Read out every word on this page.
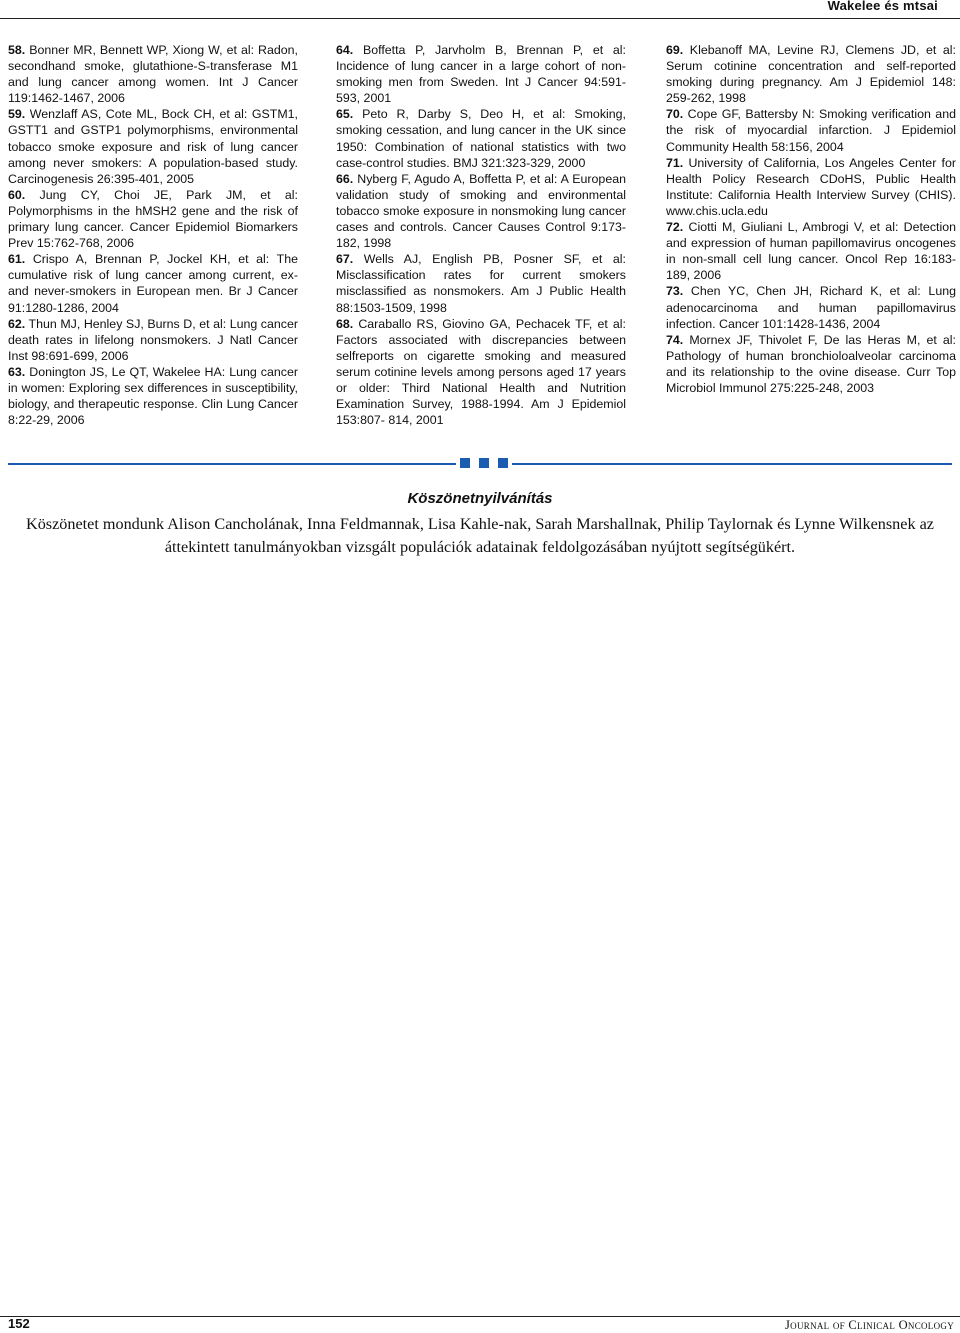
Wakelee és mtsai

58. Bonner MR, Bennett WP, Xiong W, et al: Radon, secondhand smoke, glutathione-S-transferase M1 and lung cancer among women. Int J Cancer 119:1462-1467, 2006

59. Wenzlaff AS, Cote ML, Bock CH, et al: GSTM1, GSTT1 and GSTP1 polymorphisms, environmental tobacco smoke exposure and risk of lung cancer among never smokers: A population-based study. Carcinogenesis 26:395-401, 2005

60. Jung CY, Choi JE, Park JM, et al: Polymorphisms in the hMSH2 gene and the risk of primary lung cancer. Cancer Epidemiol Biomarkers Prev 15:762-768, 2006

61. Crispo A, Brennan P, Jockel KH, et al: The cumulative risk of lung cancer among current, ex- and never-smokers in European men. Br J Cancer 91:1280-1286, 2004

62. Thun MJ, Henley SJ, Burns D, et al: Lung cancer death rates in lifelong nonsmokers. J Natl Cancer Inst 98:691-699, 2006

63. Donington JS, Le QT, Wakelee HA: Lung cancer in women: Exploring sex differences in susceptibility, biology, and therapeutic response. Clin Lung Cancer 8:22-29, 2006

64. Boffetta P, Jarvholm B, Brennan P, et al: Incidence of lung cancer in a large cohort of non-smoking men from Sweden. Int J Cancer 94:591-593, 2001

65. Peto R, Darby S, Deo H, et al: Smoking, smoking cessation, and lung cancer in the UK since 1950: Combination of national statistics with two case-control studies. BMJ 321:323-329, 2000

66. Nyberg F, Agudo A, Boffetta P, et al: A European validation study of smoking and environmental tobacco smoke exposure in nonsmoking lung cancer cases and controls. Cancer Causes Control 9:173-182, 1998

67. Wells AJ, English PB, Posner SF, et al: Misclassification rates for current smokers misclassified as nonsmokers. Am J Public Health 88:1503-1509, 1998

68. Caraballo RS, Giovino GA, Pechacek TF, et al: Factors associated with discrepancies between selfreports on cigarette smoking and measured serum cotinine levels among persons aged 17 years or older: Third National Health and Nutrition Examination Survey, 1988-1994. Am J Epidemiol 153:807- 814, 2001

69. Klebanoff MA, Levine RJ, Clemens JD, et al: Serum cotinine concentration and self-reported smoking during pregnancy. Am J Epidemiol 148: 259-262, 1998

70. Cope GF, Battersby N: Smoking verification and the risk of myocardial infarction. J Epidemiol Community Health 58:156, 2004

71. University of California, Los Angeles Center for Health Policy Research CDoHS, Public Health Institute: California Health Interview Survey (CHIS). www.chis.ucla.edu

72. Ciotti M, Giuliani L, Ambrogi V, et al: Detection and expression of human papillomavirus oncogenes in non-small cell lung cancer. Oncol Rep 16:183-189, 2006

73. Chen YC, Chen JH, Richard K, et al: Lung adenocarcinoma and human papillomavirus infection. Cancer 101:1428-1436, 2004

74. Mornex JF, Thivolet F, De las Heras M, et al: Pathology of human bronchioloalveolar carcinoma and its relationship to the ovine disease. Curr Top Microbiol Immunol 275:225-248, 2003

Köszönetnyilvánítás

Köszönetet mondunk Alison Cancholának, Inna Feldmannak, Lisa Kahle-nak, Sarah Marshallnak, Philip Taylornak és Lynne Wilkensnek az áttekintett tanulmányokban vizsgált populációk adatainak feldolgozásában nyújtott segítségükért.

152	Journal of Clinical Oncology
